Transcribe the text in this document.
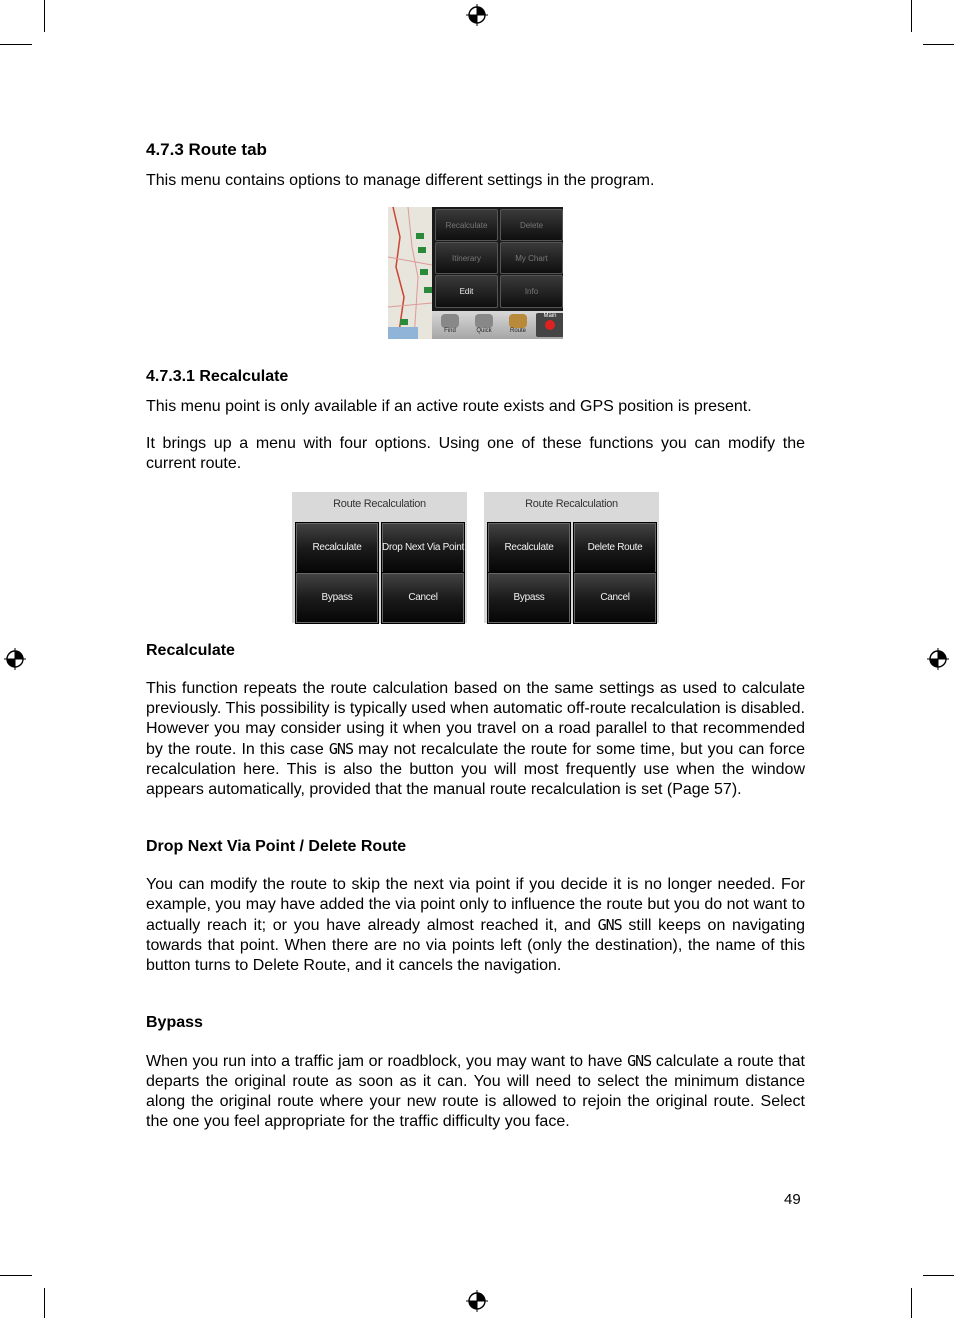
4.7.3 Route tab
This menu contains options to manage different settings in the program.
Recalculate	Delete
Itinerary	My Chart
Edit	Info
Find	Quick	Route
Main
4.7.3.1 Recalculate
This menu point is only available if an active route exists and GPS position is present.
It brings up a menu with four options. Using one of these functions you can modify the current route.
Route Recalculation
Recalculate	Drop Next Via Point
Bypass	Cancel
Route Recalculation
Recalculate	Delete Route
Bypass	Cancel
Recalculate
This function repeats the route calculation based on the same settings as used to calculate previously. This possibility is typically used when automatic off-route recalculation is disabled. However you may consider using it when you travel on a road parallel to that recommended by the route. In this case GNS may not recalculate the route for some time, but you can force recalculation here. This is also the button you will most frequently use when the window appears automatically, provided that the manual route recalculation is set (Page 57).
Drop Next Via Point / Delete Route
You can modify the route to skip the next via point if you decide it is no longer needed. For example, you may have added the via point only to influence the route but you do not want to actually reach it; or you have already almost reached it, and GNS still keeps on navigating towards that point. When there are no via points left (only the destination), the name of this button turns to Delete Route, and it cancels the navigation.
Bypass
When you run into a traffic jam or roadblock, you may want to have GNS calculate a route that departs the original route as soon as it can. You will need to select the minimum distance along the original route where your new route is allowed to rejoin the original route. Select the one you feel appropriate for the traffic difficulty you face.
49
